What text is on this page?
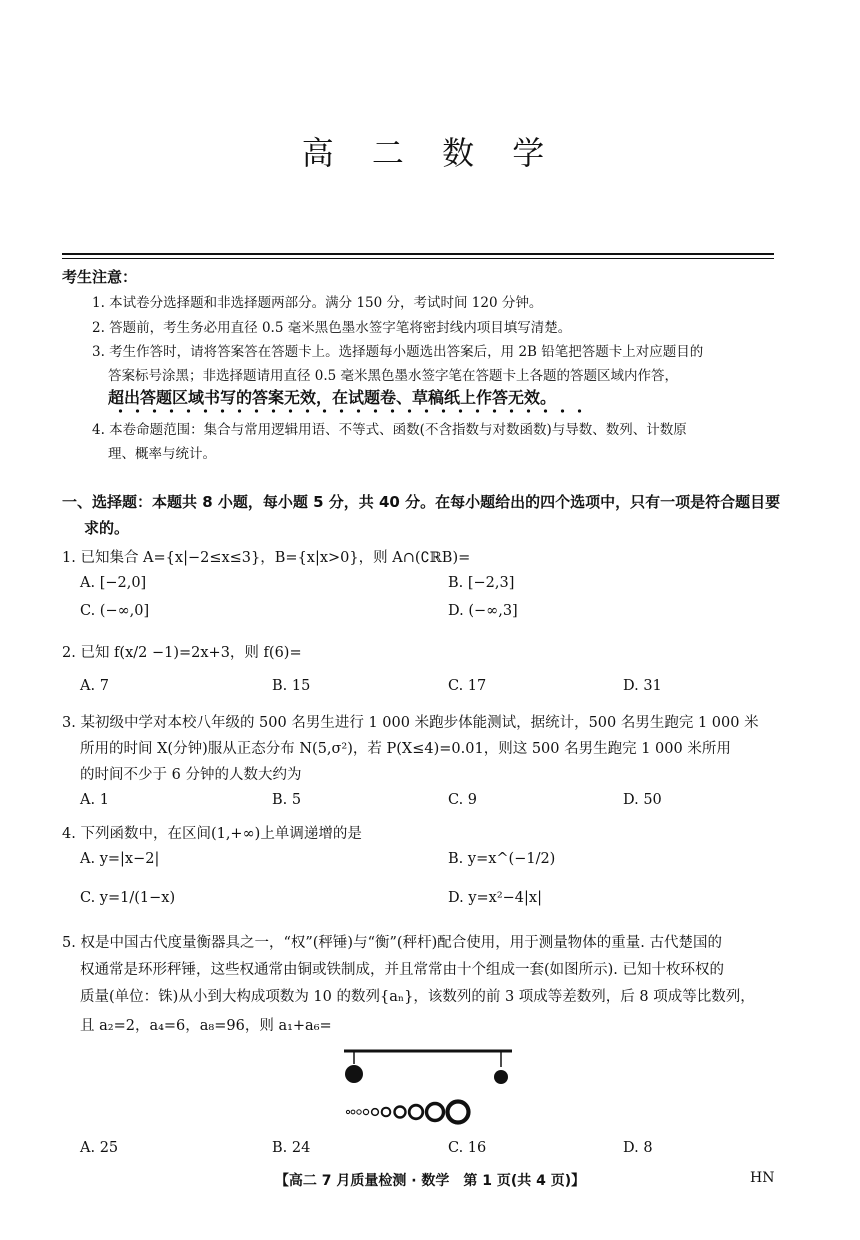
高 二 数 学
考生注意：
1. 本试卷分选择题和非选择题两部分。满分 150 分，考试时间 120 分钟。
2. 答题前，考生务必用直径 0.5 毫米黑色墨水签字笔将密封线内项目填写清楚。
3. 考生作答时，请将答案答在答题卡上。选择题每小题选出答案后，用 2B 铅笔把答题卡上对应题目的
答案标号涂黑；非选择题请用直径 0.5 毫米黑色墨水签字笔在答题卡上各题的答题区域内作答，
超出答题区域书写的答案无效，在试题卷、草稿纸上作答无效。
4. 本卷命题范围：集合与常用逻辑用语、不等式、函数(不含指数与对数函数)与导数、数列、计数原
理、概率与统计。
一、选择题：本题共 8 小题，每小题 5 分，共 40 分。在每小题给出的四个选项中，只有一项是符合题目要
求的。
1. 已知集合 A={x|−2≤x≤3}，B={x|x>0}，则 A∩(∁ℝB)=
A. [−2,0]	B. [−2,3]
C. (−∞,0]	D. (−∞,3]
2. 已知 f(x/2 −1)=2x+3，则 f(6)=
A. 7	B. 15	C. 17	D. 31
3. 某初级中学对本校八年级的 500 名男生进行 1 000 米跑步体能测试，据统计，500 名男生跑完 1 000 米
所用的时间 X(分钟)服从正态分布 N(5,σ²)，若 P(X≤4)=0.01，则这 500 名男生跑完 1 000 米所用
的时间不少于 6 分钟的人数大约为
A. 1	B. 5	C. 9	D. 50
4. 下列函数中，在区间(1,+∞)上单调递增的是
A. y=|x−2|	B. y=x^(−1/2)
C. y=1/(1−x)	D. y=x²−4|x|
5. 权是中国古代度量衡器具之一，“权”(秤锤)与“衡”(秤杆)配合使用，用于测量物体的重量. 古代楚国的
权通常是环形秤锤，这些权通常由铜或铁制成，并且常常由十个组成一套(如图所示). 已知十枚环权的
质量(单位：铢)从小到大构成项数为 10 的数列{aₙ}，该数列的前 3 项成等差数列，后 8 项成等比数列，
且 a₂=2，a₄=6，a₈=96，则 a₁+a₆=
A. 25	B. 24	C. 16	D. 8
【高二 7 月质量检测 · 数学　第 1 页(共 4 页)】	HN
